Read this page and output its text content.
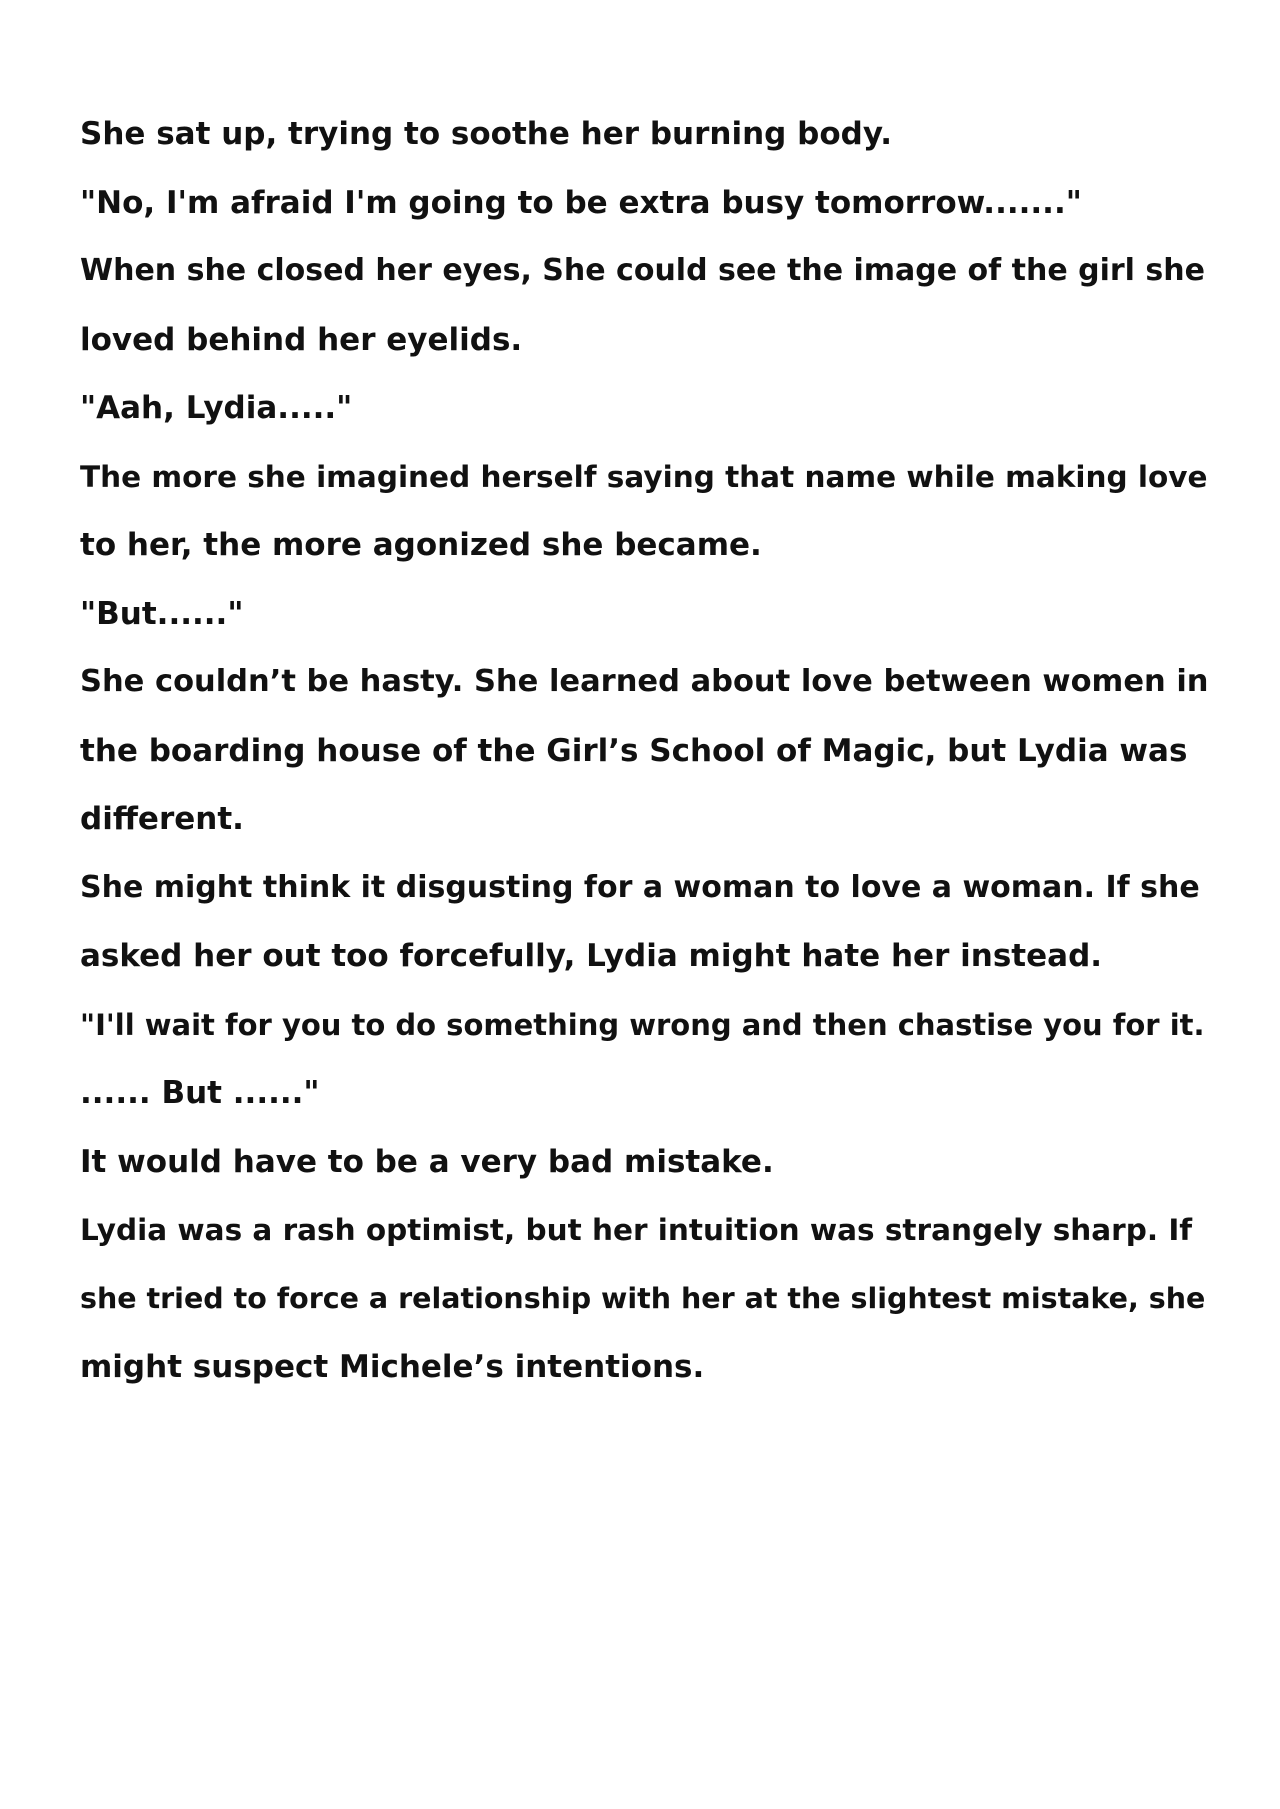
She sat up, trying to soothe her burning body.

"No, I'm afraid I'm going to be extra busy tomorrow......."

When she closed her eyes, She could see the image of the girl she

loved behind her eyelids.

"Aah, Lydia....."

The more she imagined herself saying that name while making love

to her, the more agonized she became.

"But......"

She couldn’t be hasty. She learned about love between women in

the boarding house of the Girl’s School of Magic, but Lydia was

different.

She might think it disgusting for a woman to love a woman. If she

asked her out too forcefully, Lydia might hate her instead.

"I'll wait for you to do something wrong and then chastise you for it.

...... But ......"

It would have to be a very bad mistake.

Lydia was a rash optimist, but her intuition was strangely sharp. If

she tried to force a relationship with her at the slightest mistake, she

might suspect Michele’s intentions.
